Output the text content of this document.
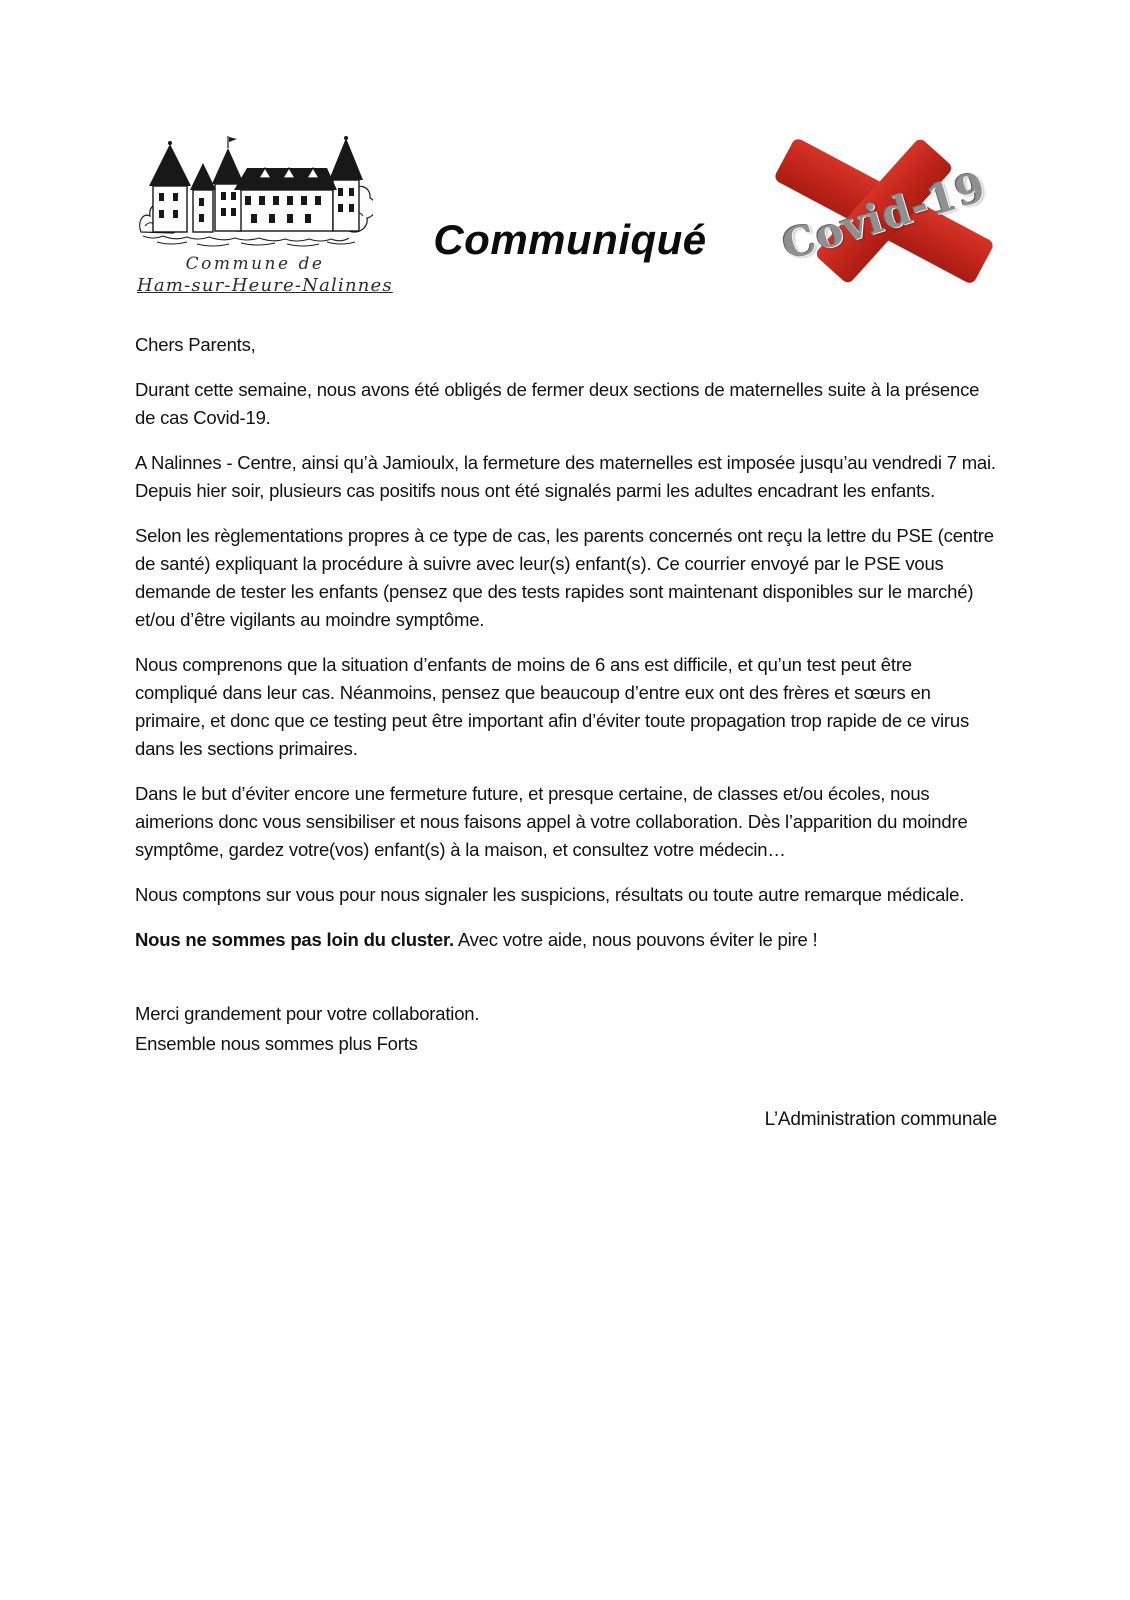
Commune de
Ham-sur-Heure-Nalinnes
Communiqué	Covid-19

Chers Parents,

Durant cette semaine, nous avons été obligés de fermer deux sections de maternelles suite à la présence de cas Covid-19.

A Nalinnes - Centre, ainsi qu’à Jamioulx, la fermeture des maternelles est imposée jusqu’au vendredi 7 mai. Depuis hier soir, plusieurs cas positifs nous ont été signalés parmi les adultes encadrant les enfants.

Selon les règlementations propres à ce type de cas, les parents concernés ont reçu la lettre du PSE (centre de santé) expliquant la procédure à suivre avec leur(s) enfant(s). Ce courrier envoyé par le PSE vous demande de tester les enfants (pensez que des tests rapides sont maintenant disponibles sur le marché) et/ou d’être vigilants au moindre symptôme.

Nous comprenons que la situation d’enfants de moins de 6 ans est difficile, et qu’un test peut être compliqué dans leur cas. Néanmoins, pensez que beaucoup d’entre eux ont des frères et sœurs en primaire, et donc que ce testing peut être important afin d’éviter toute propagation trop rapide de ce virus dans les sections primaires.

Dans le but d’éviter encore une fermeture future, et presque certaine, de classes et/ou écoles, nous aimerions donc vous sensibiliser et nous faisons appel à votre collaboration. Dès l’apparition du moindre symptôme, gardez votre(vos) enfant(s) à la maison, et consultez votre médecin…

Nous comptons sur vous pour nous signaler les suspicions, résultats ou toute autre remarque médicale.

Nous ne sommes pas loin du cluster. Avec votre aide, nous pouvons éviter le pire !

Merci grandement pour votre collaboration.
Ensemble nous sommes plus Forts

L’Administration communale
